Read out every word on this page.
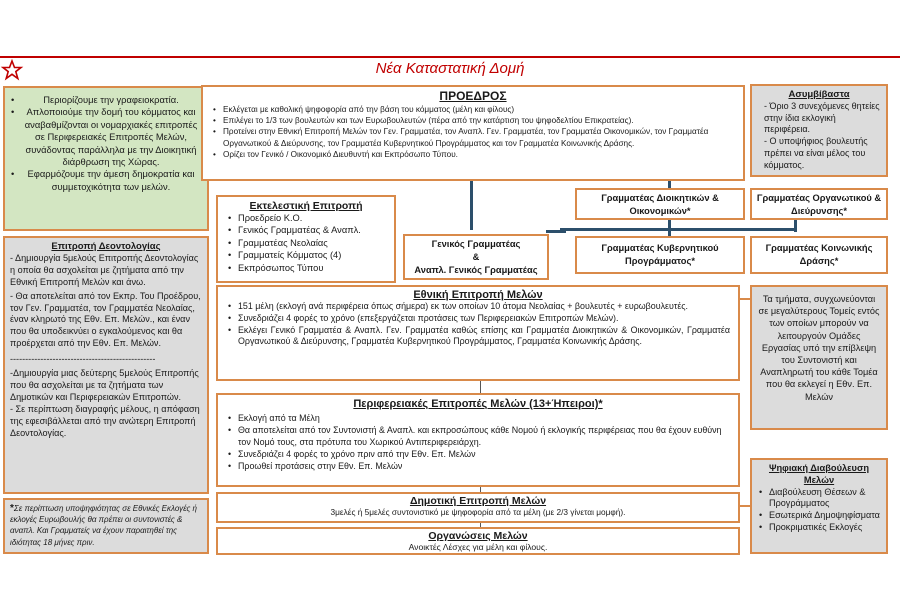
Νέα Καταστατική Δομή
• Περιορίζουμε την γραφειοκρατία.
• Απλοποιούμε την δομή του κόμματος και αναβαθμίζονται οι νομαρχιακές επιτροπές σε Περιφερειακές Επιτροπές Μελών, συνάδοντας παράλληλα με την Διοικητική διάρθρωση της Χώρας.
• Εφαρμόζουμε την άμεση δημοκρατία και συμμετοχικότητα των μελών.
Επιτροπή Δεοντολογίας
- Δημιουργία 5μελούς Επιτροπής Δεοντολογίας η οποία θα ασχολείται με ζητήματα από την Εθνική Επιτροπή Μελών και άνω.
- Θα αποτελείται από τον Εκπρ. Του Προέδρου, τον Γεν. Γραμματέα, τον Γραμματέα Νεολαίας, έναν κληρωτό της Εθν. Επ. Μελών., και έναν που θα υποδεικνύει ο εγκαλούμενος και θα προέρχεται από την Εθν. Επ. Μελών.
------------------------------------------------
-Δημιουργία μιας δεύτερης 5μελούς Επιτροπής που θα ασχολείται με τα ζητήματα των Δημοτικών και Περιφερειακών Επιτροπών.
- Σε περίπτωση διαγραφής μέλους, η απόφαση της εφεσιβάλλεται από την ανώτερη Επιτροπή Δεοντολογίας.
*Σε περίπτωση υποψηφιότητας σε Εθνικές Εκλογές ή εκλογές Ευρωβουλής θα πρέπει οι συντονιστές & αναπλ. Και Γραμματείς να έχουν παραιτηθεί της ιδιότητας 18 μήνες πριν.
ΠΡΟΕΔΡΟΣ
• Εκλέγεται με καθολική ψηφοφορία από την βάση του κόμματος (μέλη και φίλους)
• Επιλέγει το 1/3 των βουλευτών και των Ευρωβουλευτών (πέρα από την κατάρτιση του ψηφοδελτίου Επικρατείας).
• Προτείνει στην Εθνική Επιτροπή Μελών τον Γεν. Γραμματέα, τον Αναπλ. Γεν. Γραμματέα, τον Γραμματέα Οικονομικών, τον Γραμματέα Οργανωτικού & Διεύρυνσης, τον Γραμματέα Κυβερνητικού Προγράμματος και τον Γραμματέα Κοινωνικής Δράσης.
• Ορίζει τον Γενικό / Οικονομικό Διευθυντή και Εκπρόσωπο Τύπου.
Ασυμβίβαστα
- Όριο 3 συνεχόμενες θητείες στην ίδια εκλογική περιφέρεια.
- Ο υποψήφιος βουλευτής πρέπει να είναι μέλος του κόμματος.
Εκτελεστική Επιτροπή
• Προεδρείο Κ.Ο.
• Γενικός Γραμματέας & Αναπλ.
• Γραμματέας Νεολαίας
• Γραμματείς Κόμματος (4)
• Εκπρόσωπος Τύπου
Γραμματέας Διοικητικών & Οικονομικών*
Γραμματέας Οργανωτικού & Διεύρυνσης*
Γενικός Γραμματέας
&
Αναπλ. Γενικός Γραμματέας
Γραμματέας Κυβερνητικού Προγράμματος*
Γραμματέας Κοινωνικής Δράσης*
Εθνική Επιτροπή Μελών
• 151 μέλη (εκλογή ανά περιφέρεια όπως σήμερα) εκ των οποίων 10 άτομα Νεολαίας + βουλευτές + ευρωβουλευτές.
• Συνεδριάζει 4 φορές το χρόνο (επεξεργάζεται προτάσεις των Περιφερειακών Επιτροπών Μελών).
• Εκλέγει Γενικό Γραμματέα & Αναπλ. Γεν. Γραμματέα καθώς επίσης και Γραμματέα Διοικητικών & Οικονομικών, Γραμματέα Οργανωτικού & Διεύρυνσης, Γραμματέα Κυβερνητικού Προγράμματος, Γραμματέα Κοινωνικής Δράσης.
Τα τμήματα, συγχωνεύονται σε μεγαλύτερους Τομείς εντός των οποίων μπορούν να λειτουργούν Ομάδες Εργασίας υπό την επίβλεψη του Συντονιστή και Αναπληρωτή του κάθε Τομέα που θα εκλεγεί η Εθν. Επ. Μελών
Περιφερειακές Επιτροπές Μελών (13+Ήπειροι)*
• Εκλογή από τα Μέλη
• Θα αποτελείται από τον Συντονιστή & Αναπλ. και εκπροσώπους κάθε Νομού ή εκλογικής περιφέρειας που θα έχουν ευθύνη τον Νομό τους, στα πρότυπα του Χωρικού Αντιπεριφερειάρχη.
• Συνεδριάζει 4 φορές το χρόνο πριν από την Εθν. Επ. Μελών
• Προωθεί προτάσεις στην Εθν. Επ. Μελών	Ψηφιακή Διαβούλευση Μελών
• Διαβούλευση Θέσεων & Προγράμματος
• Εσωτερικά Δημοψηφίσματα
• Προκριματικές Εκλογές
Δημοτική Επιτροπή Μελών
3μελές ή 5μελές συντονιστικό με ψηφοφορία από τα μέλη (με 2/3 γίνεται μομφή).
Οργανώσεις Μελών
Ανοικτές Λέσχες για μέλη και φίλους.
